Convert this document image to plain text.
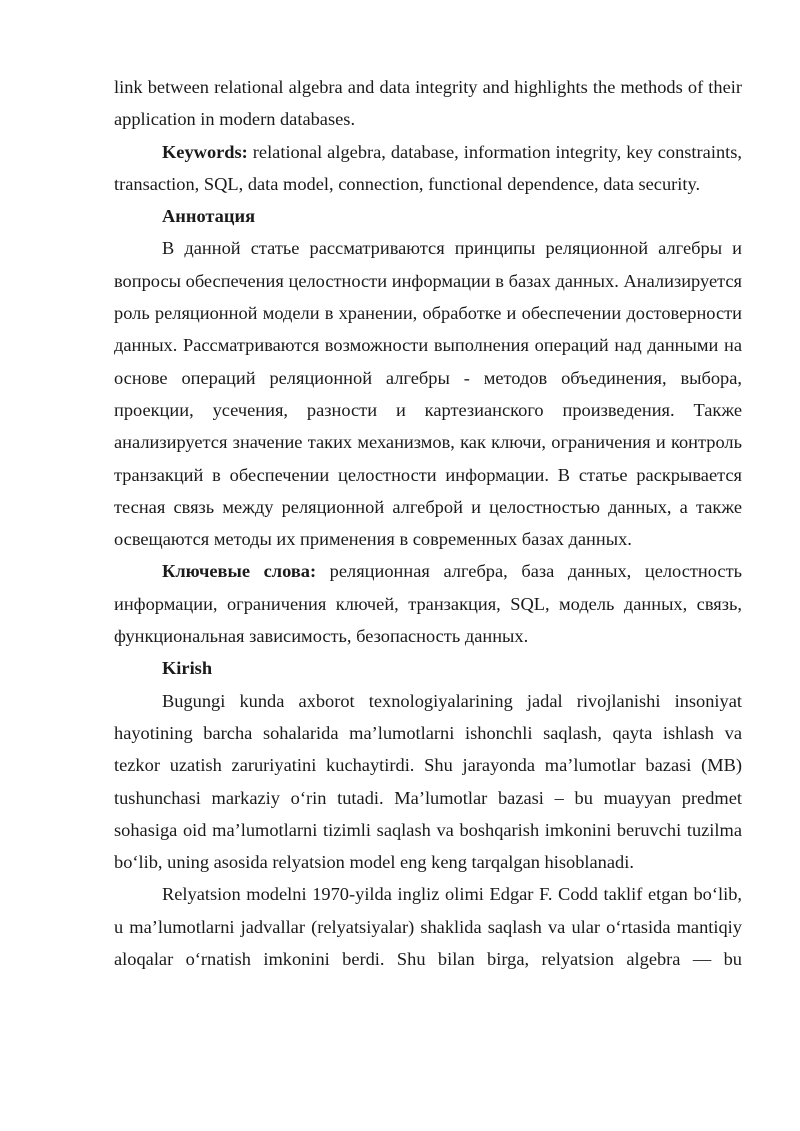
link between relational algebra and data integrity and highlights the methods of their application in modern databases.

Keywords: relational algebra, database, information integrity, key constraints, transaction, SQL, data model, connection, functional dependence, data security.

Аннотация

В данной статье рассматриваются принципы реляционной алгебры и вопросы обеспечения целостности информации в базах данных. Анализируется роль реляционной модели в хранении, обработке и обеспечении достоверности данных. Рассматриваются возможности выполнения операций над данными на основе операций реляционной алгебры - методов объединения, выбора, проекции, усечения, разности и картезианского произведения. Также анализируется значение таких механизмов, как ключи, ограничения и контроль транзакций в обеспечении целостности информации. В статье раскрывается тесная связь между реляционной алгеброй и целостностью данных, а также освещаются методы их применения в современных базах данных.

Ключевые слова: реляционная алгебра, база данных, целостность информации, ограничения ключей, транзакция, SQL, модель данных, связь, функциональная зависимость, безопасность данных.

Kirish

Bugungi kunda axborot texnologiyalarining jadal rivojlanishi insoniyat hayotining barcha sohalarida ma’lumotlarni ishonchli saqlash, qayta ishlash va tezkor uzatish zaruriyatini kuchaytirdi. Shu jarayonda ma’lumotlar bazasi (MB) tushunchasi markaziy o‘rin tutadi. Ma’lumotlar bazasi – bu muayyan predmet sohasiga oid ma’lumotlarni tizimli saqlash va boshqarish imkonini beruvchi tuzilma bo‘lib, uning asosida relyatsion model eng keng tarqalgan hisoblanadi.

Relyatsion modelni 1970-yilda ingliz olimi Edgar F. Codd taklif etgan bo‘lib, u ma’lumotlarni jadvallar (relyatsiyalar) shaklida saqlash va ular o‘rtasida mantiqiy aloqalar o‘rnatish imkonini berdi. Shu bilan birga, relyatsion algebra — bu
